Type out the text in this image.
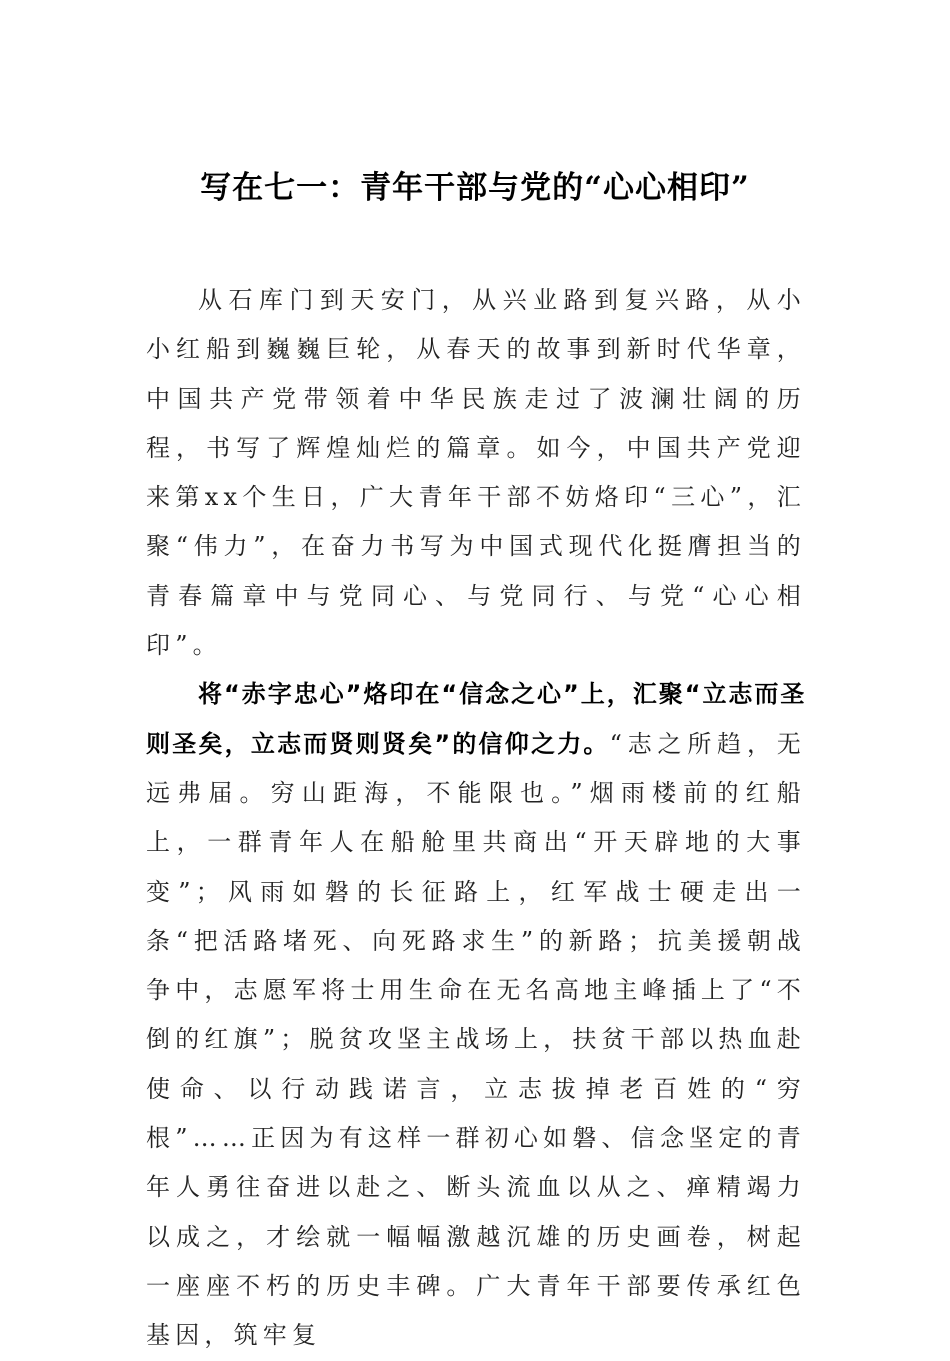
写在七一：青年干部与党的“心心相印”

从石库门到天安门，从兴业路到复兴路，从小小红船到巍巍巨轮，从春天的故事到新时代华章，中国共产党带领着中华民族走过了波澜壮阔的历程，书写了辉煌灿烂的篇章。如今，中国共产党迎来第xx个生日，广大青年干部不妨烙印“三心”，汇聚“伟力”，在奋力书写为中国式现代化挺膺担当的青春篇章中与党同心、与党同行、与党“心心相印”。

将“赤字忠心”烙印在“信念之心”上，汇聚“立志而圣则圣矣，立志而贤则贤矣”的信仰之力。“志之所趋，无远弗届。穷山距海，不能限也。”烟雨楼前的红船上，一群青年人在船舱里共商出“开天辟地的大事变”；风雨如磐的长征路上，红军战士硬走出一条“把活路堵死、向死路求生”的新路；抗美援朝战争中，志愿军将士用生命在无名高地主峰插上了“不倒的红旗”；脱贫攻坚主战场上，扶贫干部以热血赴使命、以行动践诺言，立志拔掉老百姓的“穷根”……正因为有这样一群初心如磐、信念坚定的青年人勇往奋进以赴之、断头流血以从之、瘅精竭力以成之，才绘就一幅幅激越沉雄的历史画卷，树起一座座不朽的历史丰碑。广大青年干部要传承红色基因，筑牢复
